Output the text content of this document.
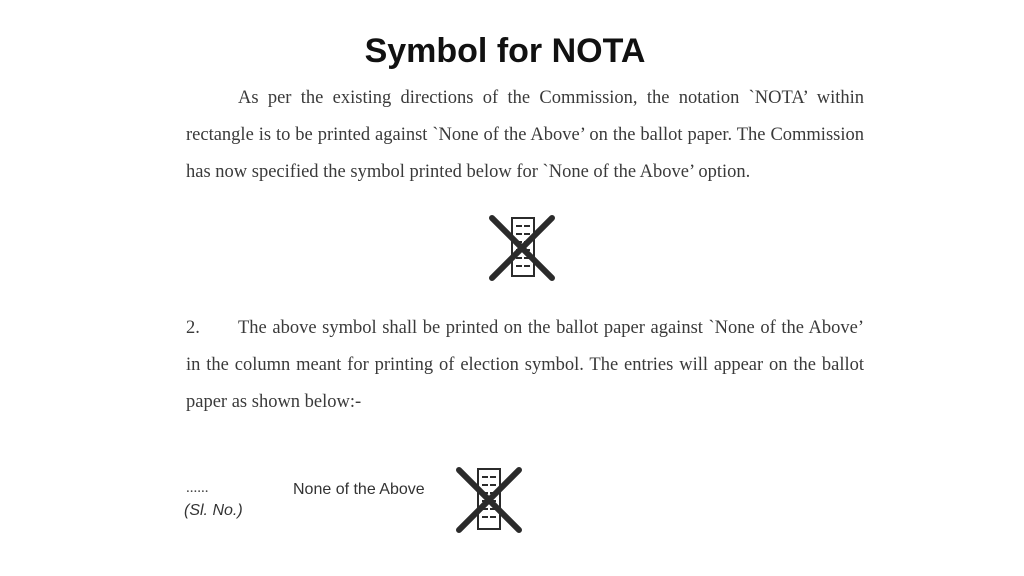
Symbol for NOTA

As per the existing directions of the Commission, the notation `NOTA’ within rectangle is to be printed against `None of the Above’ on the ballot paper. The Commission has now specified the symbol printed below for `None of the Above’ option.

2. The above symbol shall be printed on the ballot paper against `None of the Above’ in the column meant for printing of election symbol. The entries will appear on the ballot paper as shown below:-

......
(Sl. No.)
None of the Above
